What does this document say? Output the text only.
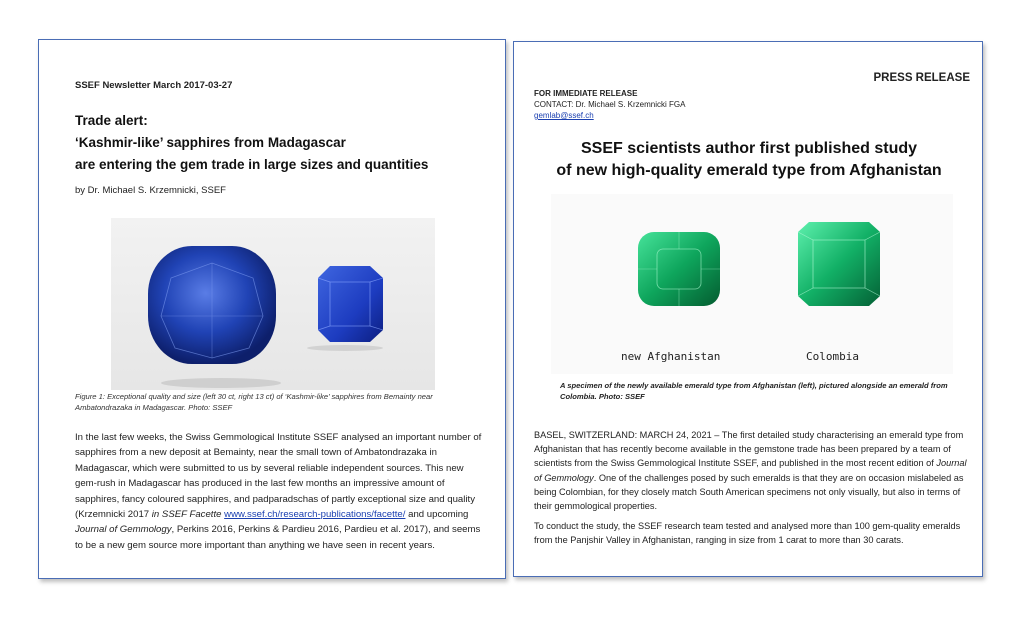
SSEF Newsletter March 2017-03-27
Trade alert:
‘Kashmir-like’ sapphires from Madagascar
are entering the gem trade in large sizes and quantities
by Dr. Michael S. Krzemnicki, SSEF
Figure 1: Exceptional quality and size (left 30 ct, right 13 ct) of ‘Kashmir-like’ sapphires from Bemainty near Ambatondrazaka in Madagascar. Photo: SSEF
In the last few weeks, the Swiss Gemmological Institute SSEF analysed an important number of sapphires from a new deposit at Bemainty, near the small town of Ambatondrazaka in Madagascar, which were submitted to us by several reliable independent sources. This new gem-rush in Madagascar has produced in the last few months an impressive amount of sapphires, fancy coloured sapphires, and padparadschas of partly exceptional size and quality (Krzemnicki 2017 in SSEF Facette www.ssef.ch/research-publications/facette/ and upcoming Journal of Gemmology, Perkins 2016, Perkins & Pardieu 2016, Pardieu et al. 2017), and seems to be a new gem source more important than anything we have seen in recent years.
PRESS RELEASE
FOR IMMEDIATE RELEASE
CONTACT: Dr. Michael S. Krzemnicki FGA
gemlab@ssef.ch
SSEF scientists author first published study
of new high-quality emerald type from Afghanistan
new Afghanistan	Colombia
A specimen of the newly available emerald type from Afghanistan (left), pictured alongside an emerald from Colombia. Photo: SSEF

BASEL, SWITZERLAND: MARCH 24, 2021 – The first detailed study characterising an emerald type from Afghanistan that has recently become available in the gemstone trade has been prepared by a team of scientists from the Swiss Gemmological Institute SSEF, and published in the most recent edition of Journal of Gemmology. One of the challenges posed by such emeralds is that they are on occasion mislabeled as being Colombian, for they closely match South American specimens not only visually, but also in terms of their gemmological properties.

To conduct the study, the SSEF research team tested and analysed more than 100 gem-quality emeralds from the Panjshir Valley in Afghanistan, ranging in size from 1 carat to more than 30 carats.
